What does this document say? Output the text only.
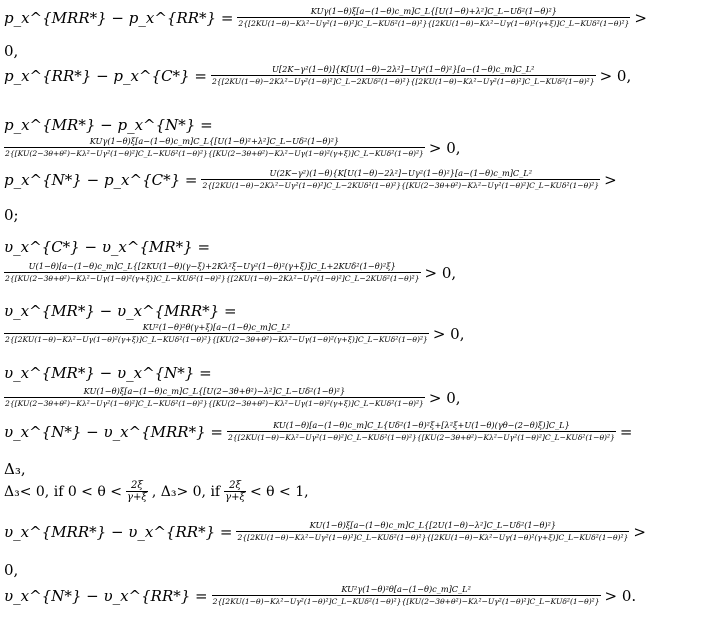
p_x^{MRR*} − p_x^{RR*} =	KUγ(1−θ)ξ[a−(1−θ)c_m]C_L{[U(1−θ)+λ²]C_L−Uδ²(1−θ)²}
2{[2KU(1−θ)−Kλ²−Uγ²(1−θ)²]C_L−KUδ²(1−θ)²}{[2KU(1−θ)−Kλ²−Uγ(1−θ)²(γ+ξ)]C_L−KUδ²(1−θ)²} >
0,
p_x^{RR*} − p_x^{C*} =	U[2K−γ²(1−θ)]{K[U(1−θ)−2λ²]−Uγ²(1−θ)²}[a−(1−θ)c_m]C_L²
2{[2KU(1−θ)−2Kλ²−Uγ²(1−θ)²]C_L−2KUδ²(1−θ)²}{[2KU(1−θ)−Kλ²−Uγ²(1−θ)²]C_L−KUδ²(1−θ)²} > 0,
p_x^{MR*} − p_x^{N*} =
KUγ(1−θ)ξ[a−(1−θ)c_m]C_L{[U(1−θ)²+λ²]C_L−Uδ²(1−θ)²}
2{[KU(2−3θ+θ²)−Kλ²−Uγ²(1−θ)²]C_L−KUδ²(1−θ)²}{[KU(2−3θ+θ²)−Kλ²−Uγ(1−θ)²(γ+ξ)]C_L−KUδ²(1−θ)²} > 0,
p_x^{N*} − p_x^{C*} =	U(2K−γ²)(1−θ){K[U(1−θ)−2λ²]−Uγ²(1−θ)²}[a−(1−θ)c_m]C_L²
2{[2KU(1−θ)−2Kλ²−Uγ²(1−θ)²]C_L−2KUδ²(1−θ)²}{[KU(2−3θ+θ²)−Kλ²−Uγ²(1−θ)²]C_L−KUδ²(1−θ)²} >
0;
υ_x^{C*} − υ_x^{MR*} =
U(1−θ)[a−(1−θ)c_m]C_L{[2KU(1−θ)(γ−ξ)+2Kλ²ξ−Uγ²(1−θ)²(γ+ξ)]C_L+2KUδ²(1−θ)²ξ}
2{[KU(2−3θ+θ²)−Kλ²−Uγ(1−θ)²(γ+ξ)]C_L−KUδ²(1−θ)²}{[2KU(1−θ)−2Kλ²−Uγ²(1−θ)²]C_L−2KUδ²(1−θ)²} > 0,
υ_x^{MR*} − υ_x^{MRR*} =
KU²(1−θ)²θ(γ+ξ)[a−(1−θ)c_m]C_L²
2{[2KU(1−θ)−Kλ²−Uγ(1−θ)²(γ+ξ)]C_L−KUδ²(1−θ)²}{[KU(2−3θ+θ²)−Kλ²−Uγ(1−θ)²(γ+ξ)]C_L−KUδ²(1−θ)²} > 0,
υ_x^{MR*} − υ_x^{N*} =
KU(1−θ)ξ[a−(1−θ)c_m]C_L{[U(2−3θ+θ²)−λ²]C_L−Uδ²(1−θ)²}
2{[KU(2−3θ+θ²)−Kλ²−Uγ²(1−θ)²]C_L−KUδ²(1−θ)²}{[KU(2−3θ+θ²)−Kλ²−Uγ(1−θ)²(γ+ξ)]C_L−KUδ²(1−θ)²} > 0,
υ_x^{N*} − υ_x^{MRR*} =	KU(1−θ)[a−(1−θ)c_m]C_L{Uδ²(1−θ)²ξ+[λ²ξ+U(1−θ)(γθ−(2−θ)ξ)]C_L}
2{[2KU(1−θ)−Kλ²−Uγ²(1−θ)²]C_L−KUδ²(1−θ)²}{[KU(2−3θ+θ²)−Kλ²−Uγ²(1−θ)²]C_L−KUδ²(1−θ)²} =
Δ₃,
Δ₃< 0, if $0 < \theta < \frac{2\xi}{\gamma+\xi}$ , Δ₃> 0, if $\frac{2\xi}{\gamma+\xi} < \theta < 1$,
υ_x^{MRR*} − υ_x^{RR*} =	KU(1−θ)ξ[a−(1−θ)c_m]C_L{[2U(1−θ)−λ²]C_L−Uδ²(1−θ)²}
2{[2KU(1−θ)−Kλ²−Uγ²(1−θ)²]C_L−KUδ²(1−θ)²}{[2KU(1−θ)−Kλ²−Uγ(1−θ)²(γ+ξ)]C_L−KUδ²(1−θ)²} >
0,
υ_x^{N*} − υ_x^{RR*} =	KU²γ(1−θ)²θ[a−(1−θ)c_m]C_L²
2{[2KU(1−θ)−Kλ²−Uγ²(1−θ)²]C_L−KUδ²(1−θ)²}{[KU(2−3θ+θ²)−Kλ²−Uγ²(1−θ)²]C_L−KUδ²(1−θ)²} > 0.
